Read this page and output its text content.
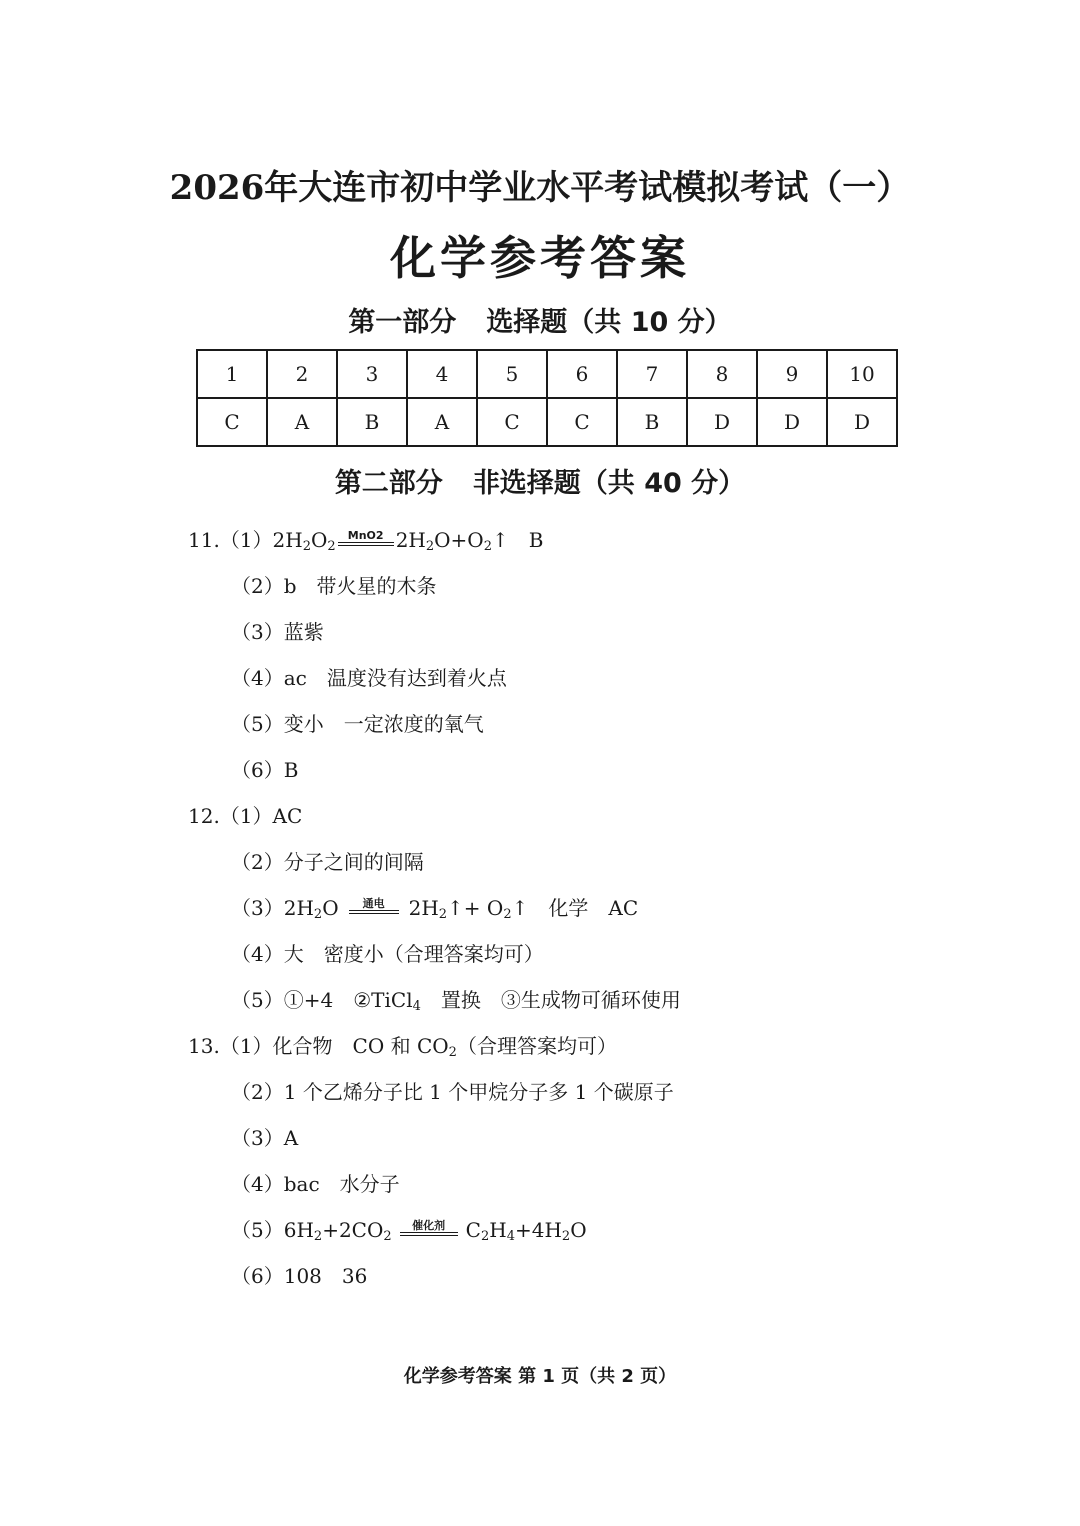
2026年大连市初中学业水平考试模拟考试（一）
化学参考答案
第一部分 选择题（共 10 分）
1	2	3	4	5	6	7	8	9	10
C	A	B	A	C	C	B	D	D	D
第二部分 非选择题（共 40 分）
$11.(1)2H_2O_2$
MnO2 $2H_2O+O_2↑$ B
（2）b 带火星的木条
（3）蓝紫
（4）ac 温度没有达到着火点
（5）变小 一定浓度的氧气
（6）B
12.（1）AC
（2）分子之间的间隔
$(3)2H_2O$	通电	$2H_2↑+$ $O_2↑$ 化学 AC
（4）大 密度小（合理答案均可）
（5）①+4 ②TiCl$_4$ 置换 ③生成物可循环使用
13.（1）化合物 CO 和 $CO_2$（合理答案均可）
（2）1 个乙烯分子比 1 个甲烷分子多 1 个碳原子
（3）A
（4）bac 水分子
$(5)6H_2+2CO_2$
催化剂	$C_2H_4+4H_2O$
（6）108 36
化学参考答案 第 1 页（共 2 页）
